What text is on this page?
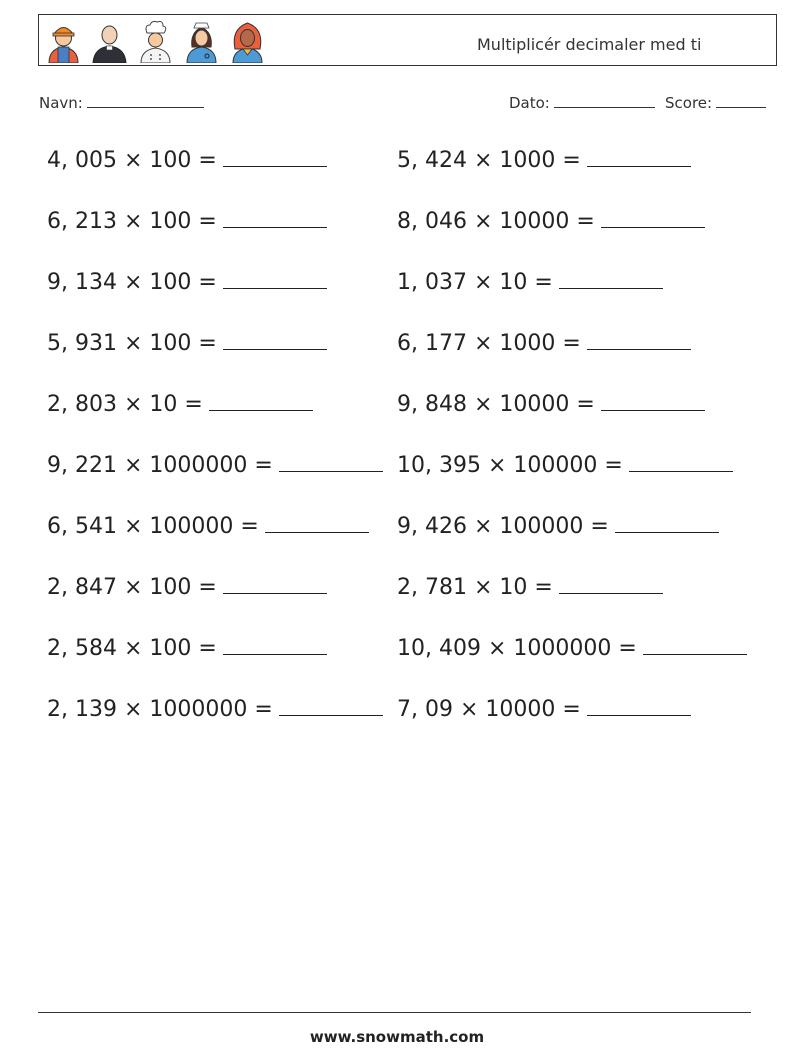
Multiplicér decimaler med ti
Navn:	Dato:	Score:
4, 005 × 100 =	5, 424 × 1000 =
6, 213 × 100 =	8, 046 × 10000 =
9, 134 × 100 =	1, 037 × 10 =
5, 931 × 100 =	6, 177 × 1000 =
2, 803 × 10 =	9, 848 × 10000 =
9, 221 × 1000000 =	10, 395 × 100000 =
6, 541 × 100000 =	9, 426 × 100000 =
2, 847 × 100 =	2, 781 × 10 =
2, 584 × 100 =	10, 409 × 1000000 =
2, 139 × 1000000 =	7, 09 × 10000 =
www.snowmath.com
